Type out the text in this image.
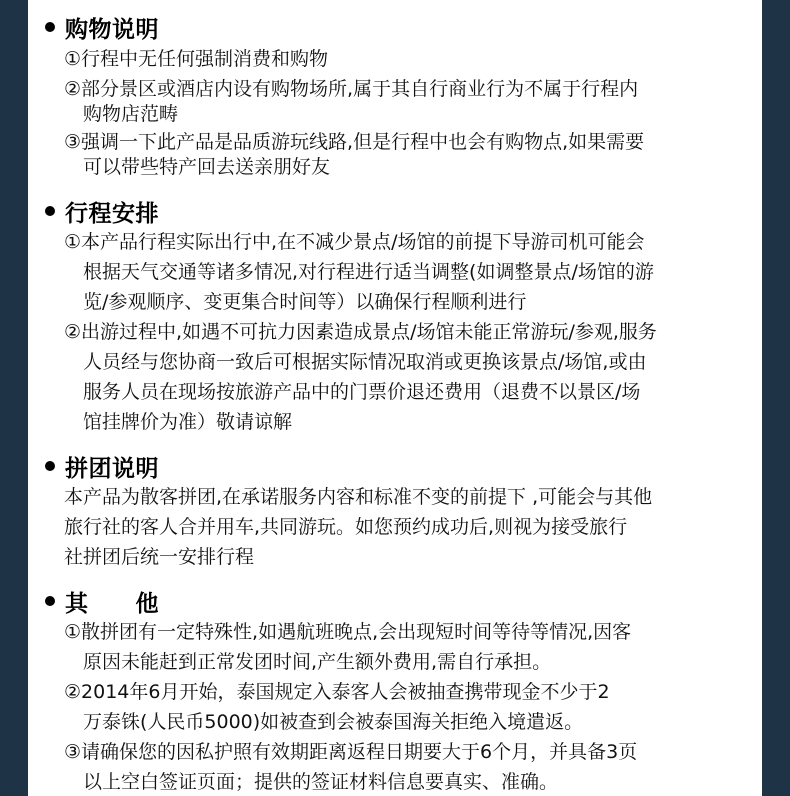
购物说明
①行程中无任何强制消费和购物
②部分景区或酒店内设有购物场所,属于其自行商业行为不属于行程内
购物店范畴
③强调一下此产品是品质游玩线路,但是行程中也会有购物点,如果需要
可以带些特产回去送亲朋好友
行程安排
①本产品行程实际出行中,在不减少景点/场馆的前提下导游司机可能会
根据天气交通等诸多情况,对行程进行适当调整(如调整景点/场馆的游
览/参观顺序、变更集合时间等）以确保行程顺利进行
②出游过程中,如遇不可抗力因素造成景点/场馆未能正常游玩/参观,服务
人员经与您协商一致后可根据实际情况取消或更换该景点/场馆,或由
服务人员在现场按旅游产品中的门票价退还费用（退费不以景区/场
馆挂牌价为准）敬请谅解
拼团说明
本产品为散客拼团,在承诺服务内容和标准不变的前提下 ,可能会与其他
旅行社的客人合并用车,共同游玩。如您预约成功后,则视为接受旅行
社拼团后统一安排行程
其　　他
①散拼团有一定特殊性,如遇航班晚点,会出现短时间等待等情况,因客
原因未能赶到正常发团时间,产生额外费用,需自行承担。
②2014年6月开始，泰国规定入泰客人会被抽查携带现金不少于2
万泰铢(人民币5000)如被查到会被泰国海关拒绝入境遣返。
③请确保您的因私护照有效期距离返程日期要大于6个月，并具备3页
以上空白签证页面；提供的签证材料信息要真实、准确。
